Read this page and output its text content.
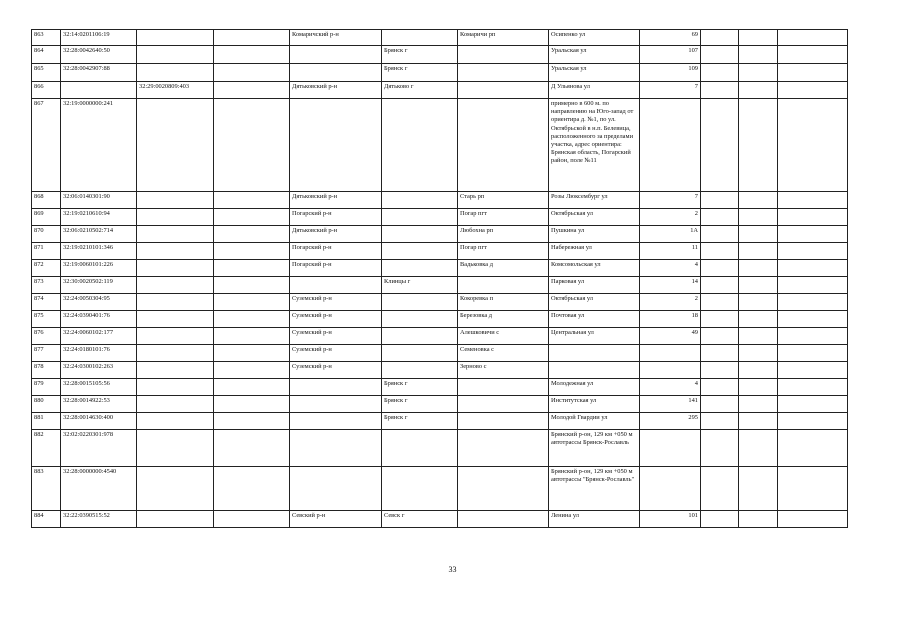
863	32:14:0201106:19			Комаричский р-н		Комаричи рп	Осипенко ул	69			
864	32:28:0042640:50				Брянск г		Уральская ул	107			
865	32:28:0042907:88				Брянск г		Уральская ул	109			
866		32:29:0020809:403		Дятьковский р-н	Дятьково г		Д Ульянова ул	7			
867	32:19:0000000:241						примерно в 600 м. по направлению на Юго-запад от ориентира д. №1, по ул. Октябрьской в н.п. Белевица, расположенного за пределами участка, адрес ориентира: Брянская область, Погарский район, поле №11				
868	32:06:0140301:90			Дятьковский р-н		Старь рп	Розы Люксембург ул	7			
869	32:19:0210610:94			Погарский р-н		Погар пгт	Октябрьская ул	2			
870	32:06:0210502:714			Дятьковский р-н		Любохна рп	Пушкина ул	1А			
871	32:19:0210101:346			Погарский р-н		Погар пгт	Набережная ул	11			
872	32:19:0060101:226			Погарский р-н		Вадьковка д	Комсомольская ул	4			
873	32:30:0020502:119				Клинцы г		Парковая ул	14			
874	32:24:0050304:95			Суземский р-н		Кокоревка п	Октябрьская ул	2			
875	32:24:0390401:76			Суземский р-н		Березовка д	Почтовая ул	18			
876	32:24:0060102:177			Суземский р-н		Алешковичи с	Центральная ул	49			
877	32:24:0180101:76			Суземский р-н		Семеновка с					
878	32:24:0300102:263			Суземский р-н		Зерново с					
879	32:28:0015105:56				Брянск г		Молодежная ул	4			
880	32:28:0014922:53				Брянск г		Институтская ул	141			
881	32:28:0014630:400				Брянск г		Молодой Гвардии ул	295			
882	32:02:0220301:978						Брянский р-он, 129 км +050 м автотрассы Брянск-Рославль				
883	32:28:0000000:4540						Брянский р-он, 129 км +050 м автотрассы "Брянск-Рославль"				
884	32:22:0390515:52			Севский р-н	Севск г		Ленина ул	101			
33
